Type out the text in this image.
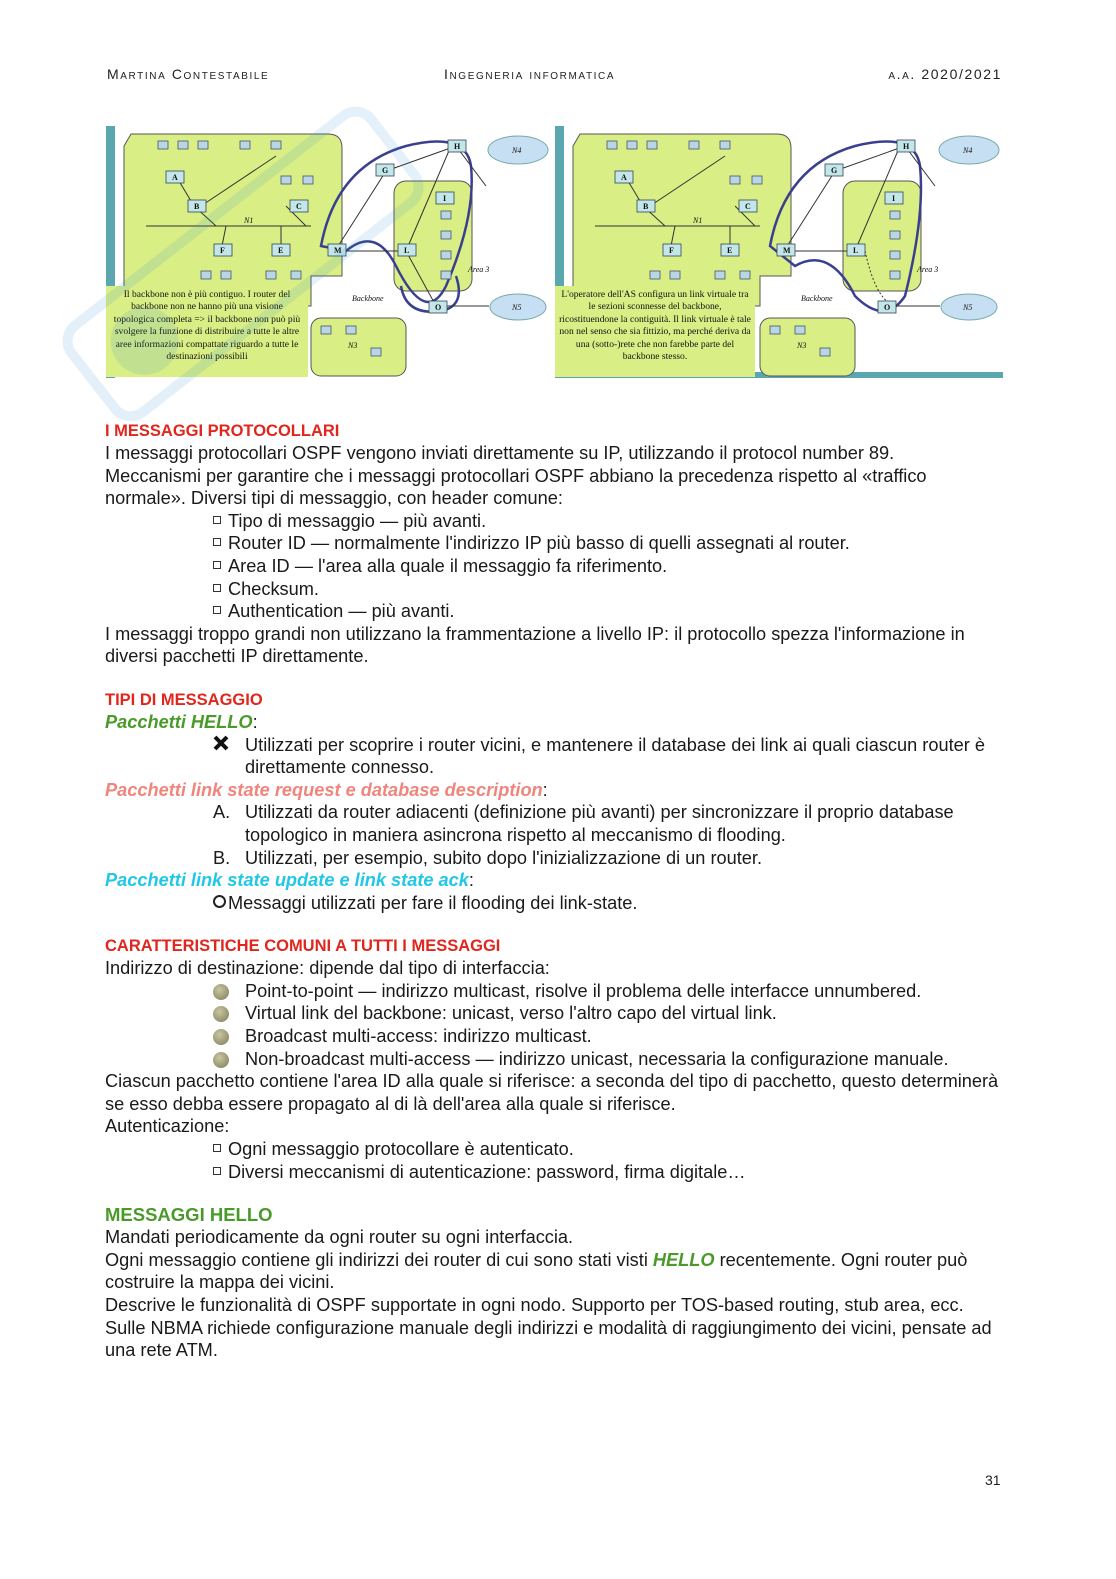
Martina Contestabile	Ingegneria informatica	a.a. 2020/2021
A
B	C
F	E	M
G
H
I
L
O
N1
N3
N4
N5
Area 3
Backbone
Il backbone non è più contiguo. I router del backbone non ne hanno più una visione topologica completa => il backbone non può più svolgere la funzione di distribuire a tutte le altre aree informazioni compattate riguardo a tutte le destinazioni possibili
A
B	C
F	E	M
G
H
I
L
O
N1
N3
N4
N5
Area 3
Backbone
L'operatore dell'AS configura un link virtuale tra le sezioni sconnesse del backbone, ricostituendone la contiguità. Il link virtuale è tale non nel senso che sia fittizio, ma perché deriva da una (sotto-)rete che non farebbe parte del backbone stesso.
I MESSAGGI PROTOCOLLARI

I messaggi protocollari OSPF vengono inviati direttamente su IP, utilizzando il protocol number 89.

Meccanismi per garantire che i messaggi protocollari OSPF abbiano la precedenza rispetto al «traffico normale». Diversi tipi di messaggio, con header comune:

Tipo di messaggio — più avanti.
Router ID — normalmente l'indirizzo IP più basso di quelli assegnati al router.
Area ID — l'area alla quale il messaggio fa riferimento.
Checksum.
Authentication — più avanti.

I messaggi troppo grandi non utilizzano la frammentazione a livello IP: il protocollo spezza l'informazione in diversi pacchetti IP direttamente.

TIPI DI MESSAGGIO
Pacchetti HELLO:
Utilizzati per scoprire i router vicini, e mantenere il database dei link ai quali ciascun router è direttamente connesso.
Pacchetti link state request e database description:
A. Utilizzati da router adiacenti (definizione più avanti) per sincronizzare il proprio database topologico in maniera asincrona rispetto al meccanismo di flooding.
B. Utilizzati, per esempio, subito dopo l'inizializzazione di un router.
Pacchetti link state update e link state ack:
Messaggi utilizzati per fare il flooding dei link-state.
CARATTERISTICHE COMUNI A TUTTI I MESSAGGI

Indirizzo di destinazione: dipende dal tipo di interfaccia:

Point-to-point — indirizzo multicast, risolve il problema delle interfacce unnumbered.
Virtual link del backbone: unicast, verso l'altro capo del virtual link.
Broadcast multi-access: indirizzo multicast.
Non-broadcast multi-access — indirizzo unicast, necessaria la configurazione manuale.

Ciascun pacchetto contiene l'area ID alla quale si riferisce: a seconda del tipo di pacchetto, questo determinerà se esso debba essere propagato al di là dell'area alla quale si riferisce.

Autenticazione:

Ogni messaggio protocollare è autenticato.
Diversi meccanismi di autenticazione: password, firma digitale…
MESSAGGI HELLO

Mandati periodicamente da ogni router su ogni interfaccia.

Ogni messaggio contiene gli indirizzi dei router di cui sono stati visti HELLO recentemente. Ogni router può costruire la mappa dei vicini.

Descrive le funzionalità di OSPF supportate in ogni nodo. Supporto per TOS-based routing, stub area, ecc.

Sulle NBMA richiede configurazione manuale degli indirizzi e modalità di raggiungimento dei vicini, pensate ad una rete ATM.

31
